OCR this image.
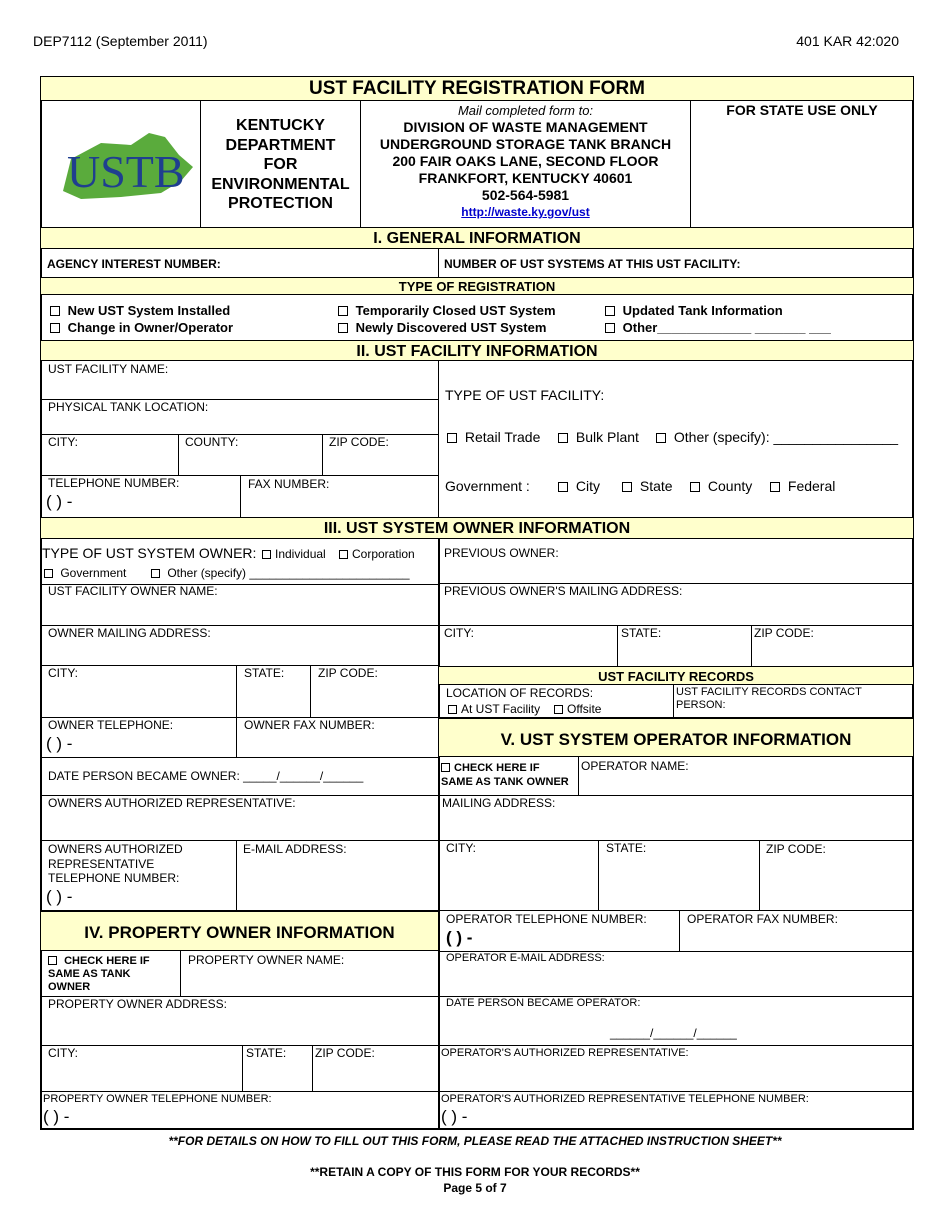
DEP7112 (September 2011)	401 KAR 42:020
UST FACILITY REGISTRATION FORM
USTB
KENTUCKY
DEPARTMENT
FOR
ENVIRONMENTAL
PROTECTION
Mail completed form to:
DIVISION OF WASTE MANAGEMENT
UNDERGROUND STORAGE TANK BRANCH
200 FAIR OAKS LANE, SECOND FLOOR
FRANKFORT, KENTUCKY 40601
502-564-5981
http://waste.ky.gov/ust
FOR STATE USE ONLY
I. GENERAL INFORMATION
AGENCY INTEREST NUMBER:	NUMBER OF UST SYSTEMS AT THIS UST FACILITY:
TYPE OF REGISTRATION
New UST System Installed
Change in Owner/Operator
Temporarily Closed UST System
Newly Discovered UST System
Updated Tank Information
Other_____________ _______ ___
II. UST FACILITY INFORMATION
UST FACILITY NAME:
PHYSICAL TANK LOCATION:
CITY:	COUNTY:	ZIP CODE:
TELEPHONE NUMBER:
( ) -
FAX NUMBER:
TYPE OF UST FACILITY:
Retail Trade	Bulk Plant	Other (specify): ________________
Government :	City	State	County	Federal
III. UST SYSTEM OWNER INFORMATION
TYPE OF UST SYSTEM OWNER:	Individual	Corporation
Government	Other (specify) ________________________
UST FACILITY OWNER NAME:
OWNER MAILING ADDRESS:
CITY:	STATE:	ZIP CODE:
OWNER TELEPHONE:
( ) -
OWNER FAX NUMBER:
DATE PERSON BECAME OWNER: _____/______/______
OWNERS AUTHORIZED REPRESENTATIVE:
OWNERS AUTHORIZED
REPRESENTATIVE
TELEPHONE NUMBER:
( ) -
E-MAIL ADDRESS:
PREVIOUS OWNER:
PREVIOUS OWNER'S MAILING ADDRESS:
CITY:	STATE:	ZIP CODE:
UST FACILITY RECORDS
LOCATION OF RECORDS:
At UST Facility	Offsite
UST FACILITY RECORDS CONTACT PERSON:
V. UST SYSTEM OPERATOR INFORMATION
CHECK HERE IF
SAME AS TANK OWNER
OPERATOR NAME:
MAILING ADDRESS:
CITY:	STATE:	ZIP CODE:
OPERATOR TELEPHONE NUMBER:
( ) -
OPERATOR FAX NUMBER:
OPERATOR E-MAIL ADDRESS:
DATE PERSON BECAME OPERATOR:
______/______/______
OPERATOR'S AUTHORIZED REPRESENTATIVE:
OPERATOR'S AUTHORIZED REPRESENTATIVE TELEPHONE NUMBER:
( ) -
IV. PROPERTY OWNER INFORMATION
CHECK HERE IF
SAME AS TANK
OWNER
PROPERTY OWNER NAME:
PROPERTY OWNER ADDRESS:
CITY:	STATE: ZIP CODE:
PROPERTY OWNER TELEPHONE NUMBER:
( ) -
**FOR DETAILS ON HOW TO FILL OUT THIS FORM, PLEASE READ THE ATTACHED INSTRUCTION SHEET**
**RETAIN A COPY OF THIS FORM FOR YOUR RECORDS**
Page 5 of 7
